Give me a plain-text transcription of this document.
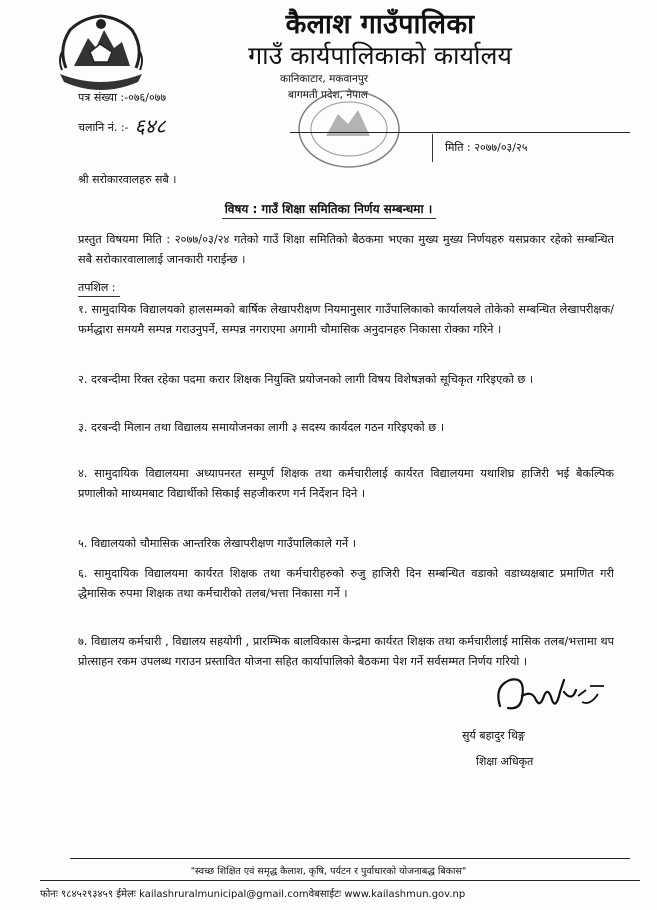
कैलाश गाउँपालिका
गाउँ कार्यपालिकाको कार्यालय
कानिकाटार, मकवानपुर
बागमती प्रदेश, नेपाल
पत्र संख्या :-०७६/०७७
चलानि नं. :- ६४८
मिति : २०७७/०३/२५
श्री सरोकारवालहरु सबै ।
विषय : गाउँ शिक्षा समितिका निर्णय सम्बन्धमा ।
प्रस्तुत विषयमा मिति : २०७७/०३/२४ गतेको गाउँ शिक्षा समितिको बैठकमा भएका मुख्य मुख्य निर्णयहरु यसप्रकार रहेको सम्बन्धित सबै सरोकारवालालाई जानकारी गराईन्छ ।
तपशिल :
१. सामुदायिक विद्यालयको हालसम्मको बार्षिक लेखापरीक्षण नियमानुसार गाउँपालिकाको कार्यालयले तोकेको सम्बन्धित लेखापरीक्षक/फर्मद्धारा समयमै सम्पन्न गराउनुपर्ने, सम्पन्न नगराएमा अगामी चौमासिक अनुदानहरु निकासा रोक्का गरिने ।
२. दरबन्दीमा रिक्त रहेका पदमा करार शिक्षक नियुक्ति प्रयोजनको लागी विषय विशेषज्ञको सूचिकृत गरिइएको छ ।
३. दरबन्दी मिलान तथा विद्यालय समायोजनका लागी ३ सदस्य कार्यदल गठन गरिइएको छ ।
४. सामुदायिक विद्यालयमा अध्यापनरत सम्पूर्ण शिक्षक तथा कर्मचारीलाई कार्यरत विद्यालयमा यथाशिघ्र हाजिरी भई बैकल्पिक प्रणालीको माध्यमबाट विद्यार्थीको सिकाई सहजीकरण गर्न निर्देशन दिने ।
५. विद्यालयको चौमासिक आन्तरिक लेखापरीक्षण गाउँपालिकाले गर्ने ।
६. सामुदायिक विद्यालयमा कार्यरत शिक्षक तथा कर्मचारीहरुको रुजु हाजिरी दिन सम्बन्धित वडाको वडाध्यक्षबाट प्रमाणित गरी द्धैमासिक रुपमा शिक्षक तथा कर्मचारीको तलब/भत्ता निकासा गर्ने ।
७. विद्यालय कर्मचारी , विद्यालय सहयोगी , प्रारम्भिक बालविकास केन्द्रमा कार्यरत शिक्षक तथा कर्मचारीलाई मासिक तलब/भत्तामा थप प्रोत्साहन रकम उपलब्ध गराउन प्रस्तावित योजना सहित कार्यापालिको बैठकमा पेश गर्ने सर्वसम्मत निर्णय गरियो ।
सुर्य बहादुर थिङ्ग
शिक्षा अधिकृत
"स्वच्छ शिक्षित एवं समृद्ध कैलाश, कृषि, पर्यटन र पुर्वाधारको योजनाबद्ध बिकास"
फोनः ९८४५२९३४५९ ईमेलः kailashruralmunicipal@gmail.comवेबसाईटः www.kailashmun.gov.np
